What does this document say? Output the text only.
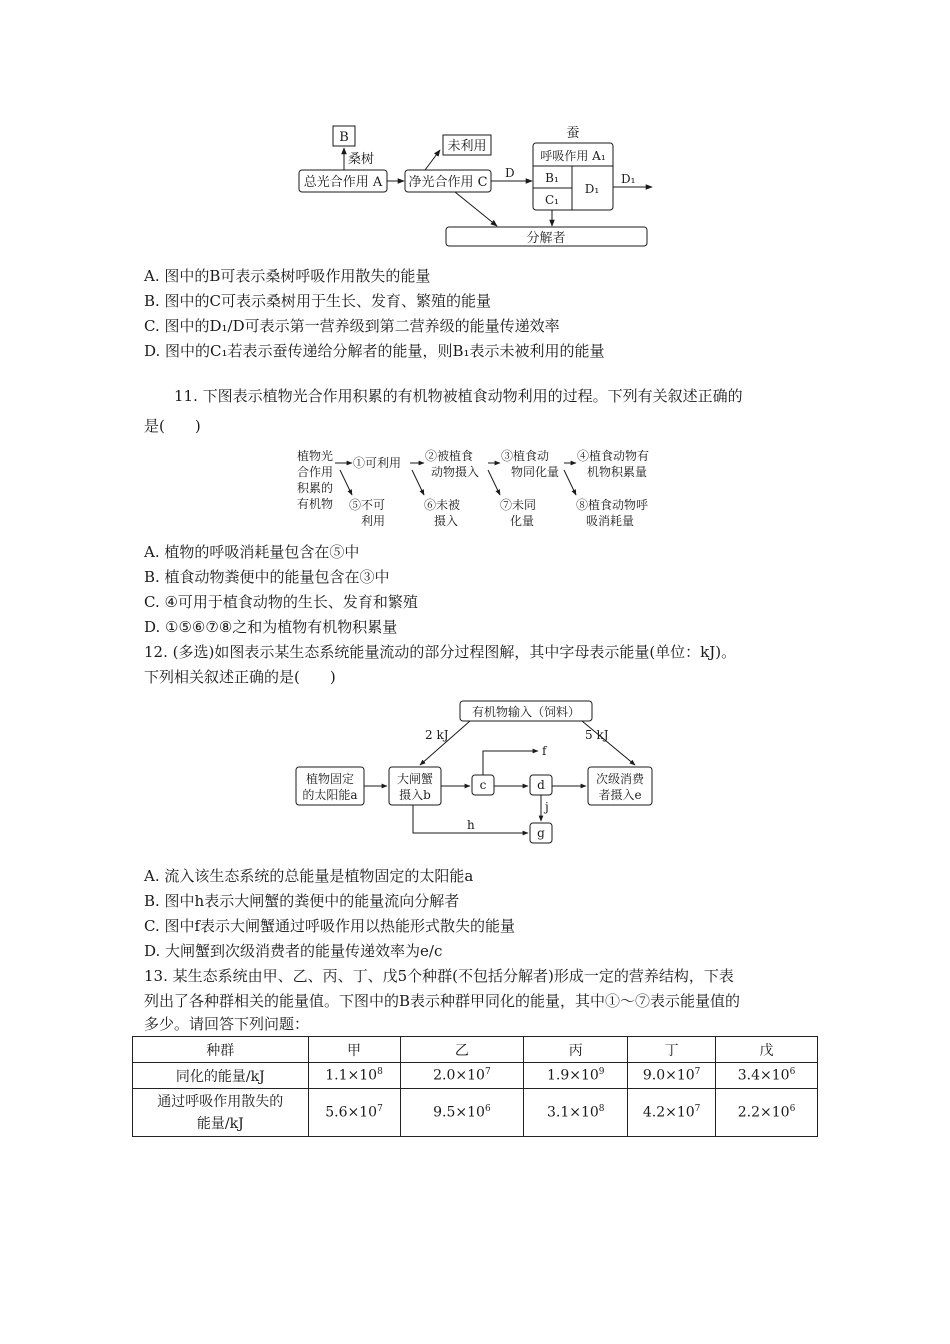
B
桑树
总光合作用 A 净光合作用 C
未利用
D
蚕
呼吸作用 A₁
B₁
C₁
D₁
D₁
分解者
A. 图中的B可表示桑树呼吸作用散失的能量
B. 图中的C可表示桑树用于生长、发育、繁殖的能量
C. 图中的D₁/D可表示第一营养级到第二营养级的能量传递效率
D. 图中的C₁若表示蚕传递给分解者的能量，则B₁表示未被利用的能量
11. 下图表示植物光合作用积累的有机物被植食动物利用的过程。下列有关叙述正确的
是(　　)
植物光
合作用
积累的
有机物
①可利用 ②被植食
动物摄入
③植食动
物同化量
④植食动物有
机物积累量
⑤不可
利用
⑥未被
摄入
⑦未同
化量
⑧植食动物呼
吸消耗量
A. 植物的呼吸消耗量包含在⑤中
B. 植食动物粪便中的能量包含在③中
C. ④可用于植食动物的生长、发育和繁殖
D. ①⑤⑥⑦⑧之和为植物有机物积累量
12. (多选)如图表示某生态系统能量流动的部分过程图解，其中字母表示能量(单位：kJ)。
下列相关叙述正确的是(　　)
有机物输入（饲料）
2 kJ	5 kJ
植物固定
的太阳能a
大闸蟹
摄入b
c
f
d
j
次级消费
者摄入e
g
h
A. 流入该生态系统的总能量是植物固定的太阳能a
B. 图中h表示大闸蟹的粪便中的能量流向分解者
C. 图中f表示大闸蟹通过呼吸作用以热能形式散失的能量
D. 大闸蟹到次级消费者的能量传递效率为e/c
13. 某生态系统由甲、乙、丙、丁、戊5个种群(不包括分解者)形成一定的营养结构，下表
列出了各种群相关的能量值。下图中的B表示种群甲同化的能量，其中①～⑦表示能量值的
多少。请回答下列问题：
种群	甲	乙	丙	丁	戊
同化的能量/kJ	$1.1\times 10^8$	$2.0\times 10^7$	$1.9\times 10^9$	$9.0\times 10^7$	$3.4\times 10^6$
通过呼吸作用散失的
能量/kJ	$5.6\times 10^7$	$9.5\times 10^6$	$3.1\times 10^8$	$4.2\times 10^7$	$2.2\times 10^6$
